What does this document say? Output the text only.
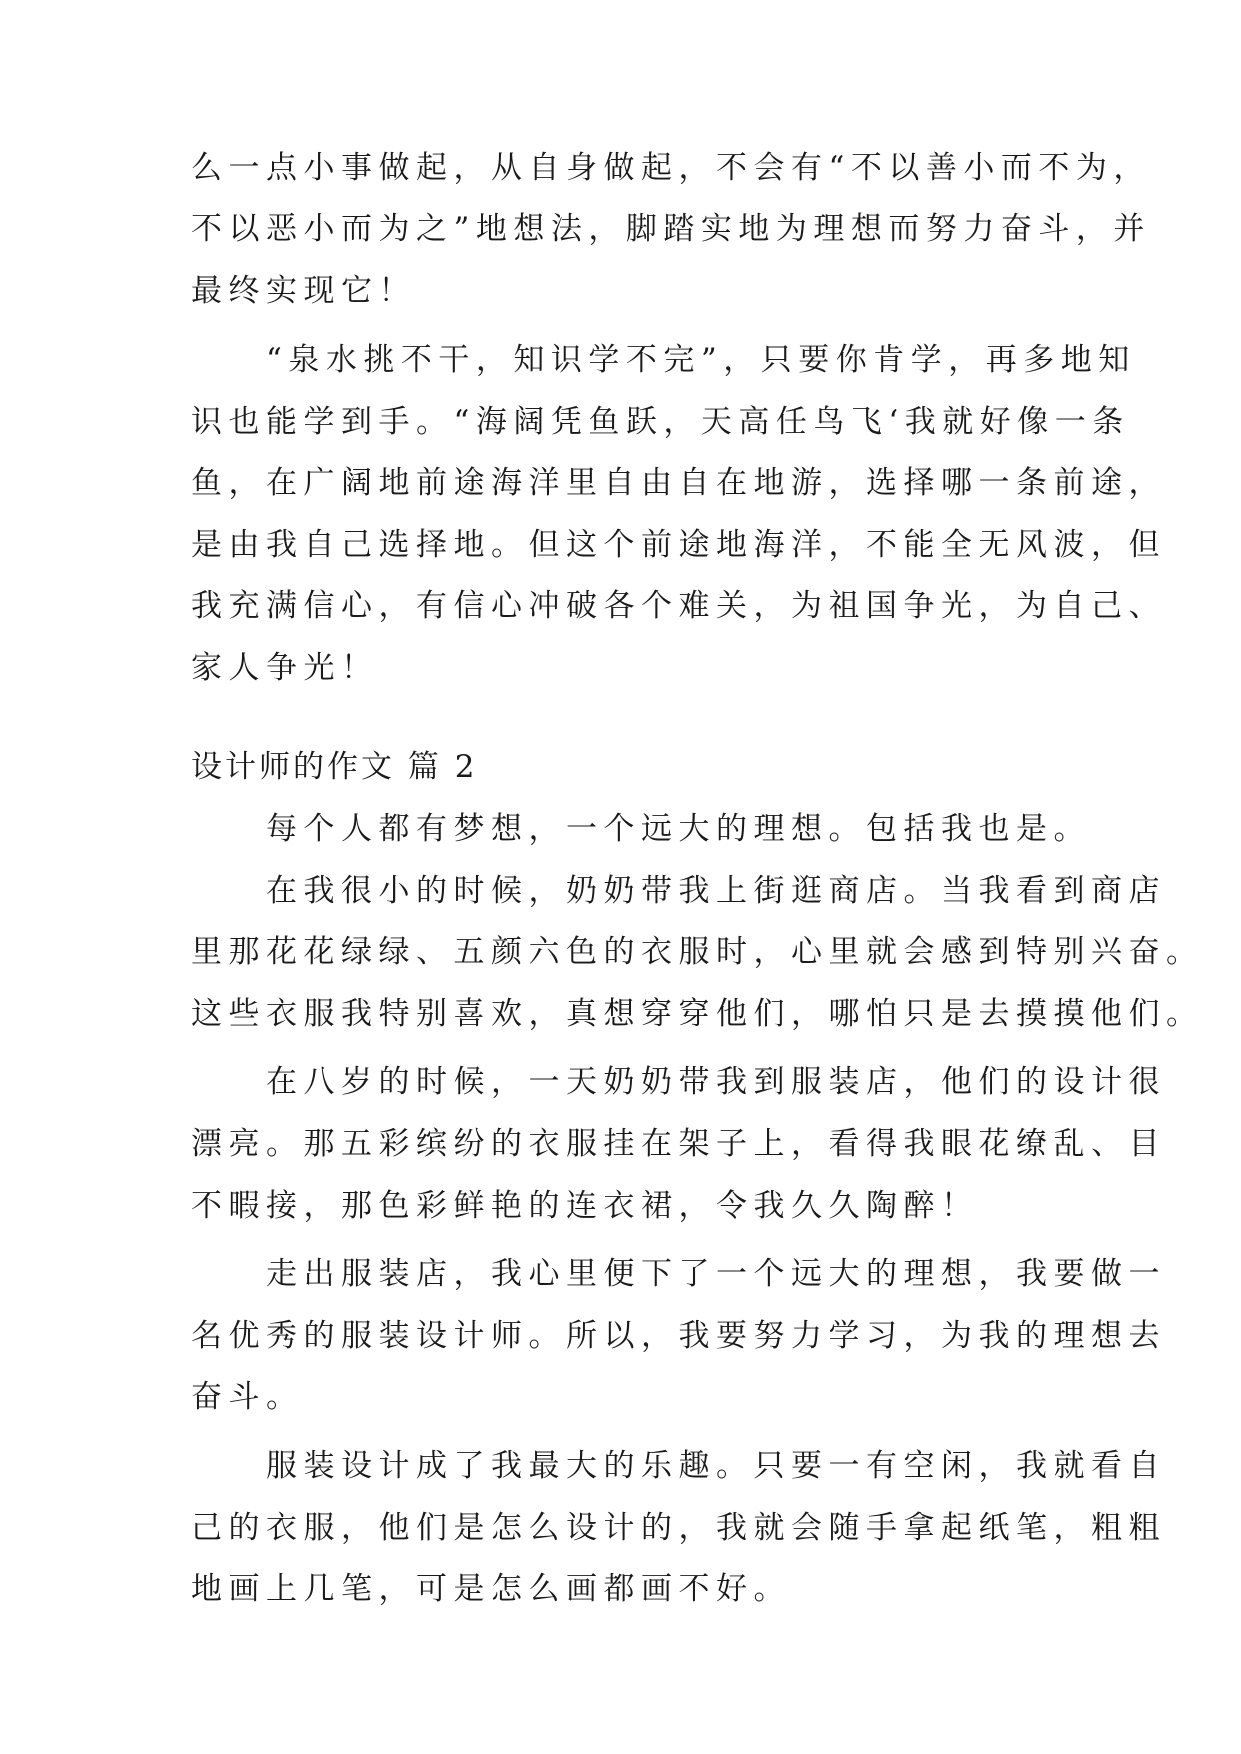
么一点小事做起，从自身做起，不会有“不以善小而不为，
不以恶小而为之”地想法，脚踏实地为理想而努力奋斗，并
最终实现它！
　　“泉水挑不干，知识学不完”，只要你肯学，再多地知
识也能学到手。“海阔凭鱼跃，天高任鸟飞‘我就好像一条
鱼，在广阔地前途海洋里自由自在地游，选择哪一条前途，
是由我自己选择地。但这个前途地海洋，不能全无风波，但
我充满信心，有信心冲破各个难关，为祖国争光，为自己、
家人争光！
设计师的作文 篇 2
　　每个人都有梦想，一个远大的理想。包括我也是。
　　在我很小的时候，奶奶带我上街逛商店。当我看到商店
里那花花绿绿、五颜六色的衣服时，心里就会感到特别兴奋。
这些衣服我特别喜欢，真想穿穿他们，哪怕只是去摸摸他们。
　　在八岁的时候，一天奶奶带我到服装店，他们的设计很
漂亮。那五彩缤纷的衣服挂在架子上，看得我眼花缭乱、目
不暇接，那色彩鲜艳的连衣裙，令我久久陶醉！
　　走出服装店，我心里便下了一个远大的理想，我要做一
名优秀的服装设计师。所以，我要努力学习，为我的理想去
奋斗。
　　服装设计成了我最大的乐趣。只要一有空闲，我就看自
己的衣服，他们是怎么设计的，我就会随手拿起纸笔，粗粗
地画上几笔，可是怎么画都画不好。
